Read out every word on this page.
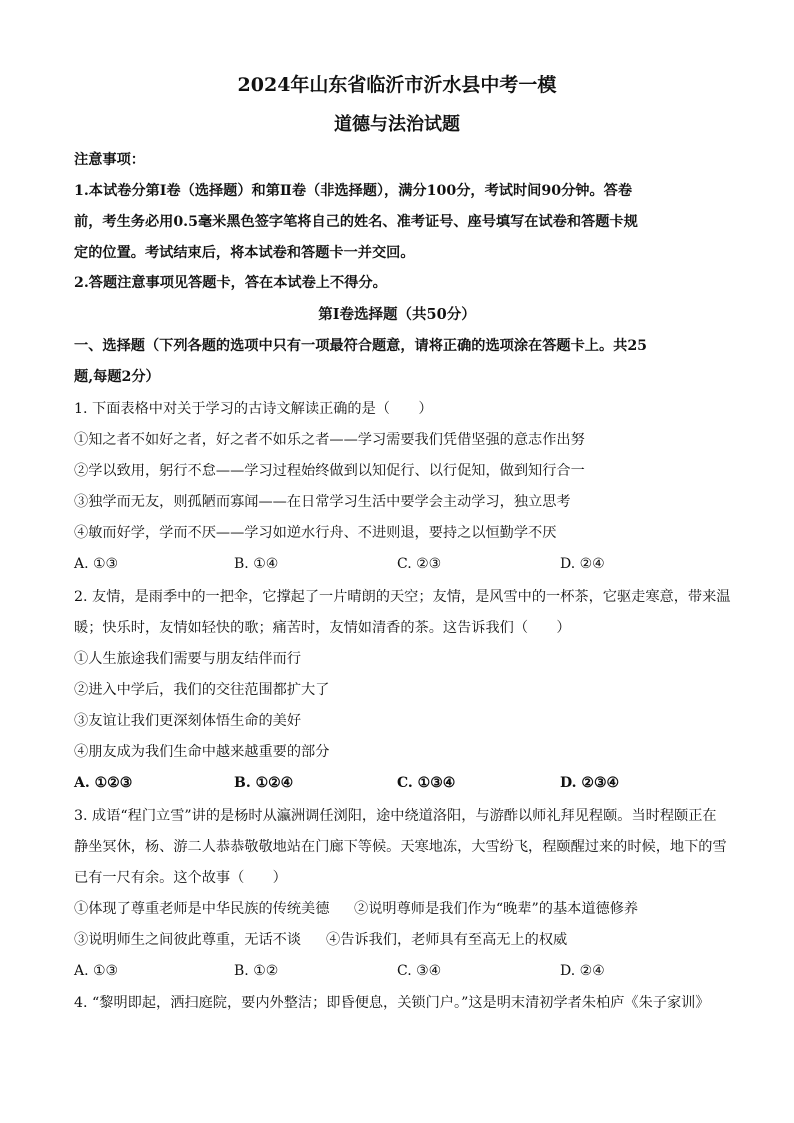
2024年山东省临沂市沂水县中考一模
道德与法治试题
注意事项：
1.本试卷分第Ⅰ卷（选择题）和第Ⅱ卷（非选择题），满分100分，考试时间90分钟。答卷
前，考生务必用0.5毫米黑色签字笔将自己的姓名、准考证号、座号填写在试卷和答题卡规
定的位置。考试结束后，将本试卷和答题卡一并交回。
2.答题注意事项见答题卡，答在本试卷上不得分。
第Ⅰ卷选择题（共50分）
一、选择题（下列各题的选项中只有一项最符合题意，请将正确的选项涂在答题卡上。共25
题,每题2分）
1. 下面表格中对关于学习的古诗文解读正确的是（　　）
①知之者不如好之者，好之者不如乐之者——学习需要我们凭借坚强的意志作出努
②学以致用，躬行不怠——学习过程始终做到以知促行、以行促知，做到知行合一
③独学而无友，则孤陋而寡闻——在日常学习生活中要学会主动学习，独立思考
④敏而好学，学而不厌——学习如逆水行舟、不进则退，要持之以恒勤学不厌
A. ①③	B. ①④	C. ②③	D. ②④
2. 友情，是雨季中的一把伞，它撑起了一片晴朗的天空；友情，是风雪中的一杯茶，它驱走寒意，带来温
暖；快乐时，友情如轻快的歌；痛苦时，友情如清香的茶。这告诉我们（　　）
①人生旅途我们需要与朋友结伴而行
②进入中学后，我们的交往范围都扩大了
③友谊让我们更深刻体悟生命的美好
④朋友成为我们生命中越来越重要的部分
A. ①②③	B. ①②④	C. ①③④	D. ②③④
3. 成语“程门立雪”讲的是杨时从瀛洲调任浏阳，途中绕道洛阳，与游酢以师礼拜见程颐。当时程颐正在
静坐冥休，杨、游二人恭恭敬敬地站在门廊下等候。天寒地冻，大雪纷飞，程颐醒过来的时候，地下的雪
已有一尺有余。这个故事（　　）
①体现了尊重老师是中华民族的传统美德 ②说明尊师是我们作为“晚辈”的基本道德修养
③说明师生之间彼此尊重，无话不谈 ④告诉我们，老师具有至高无上的权威
A. ①③	B. ①②	C. ③④	D. ②④
4. “黎明即起，洒扫庭院，要内外整洁；即昏便息，关锁门户。”这是明末清初学者朱柏庐《朱子家训》
